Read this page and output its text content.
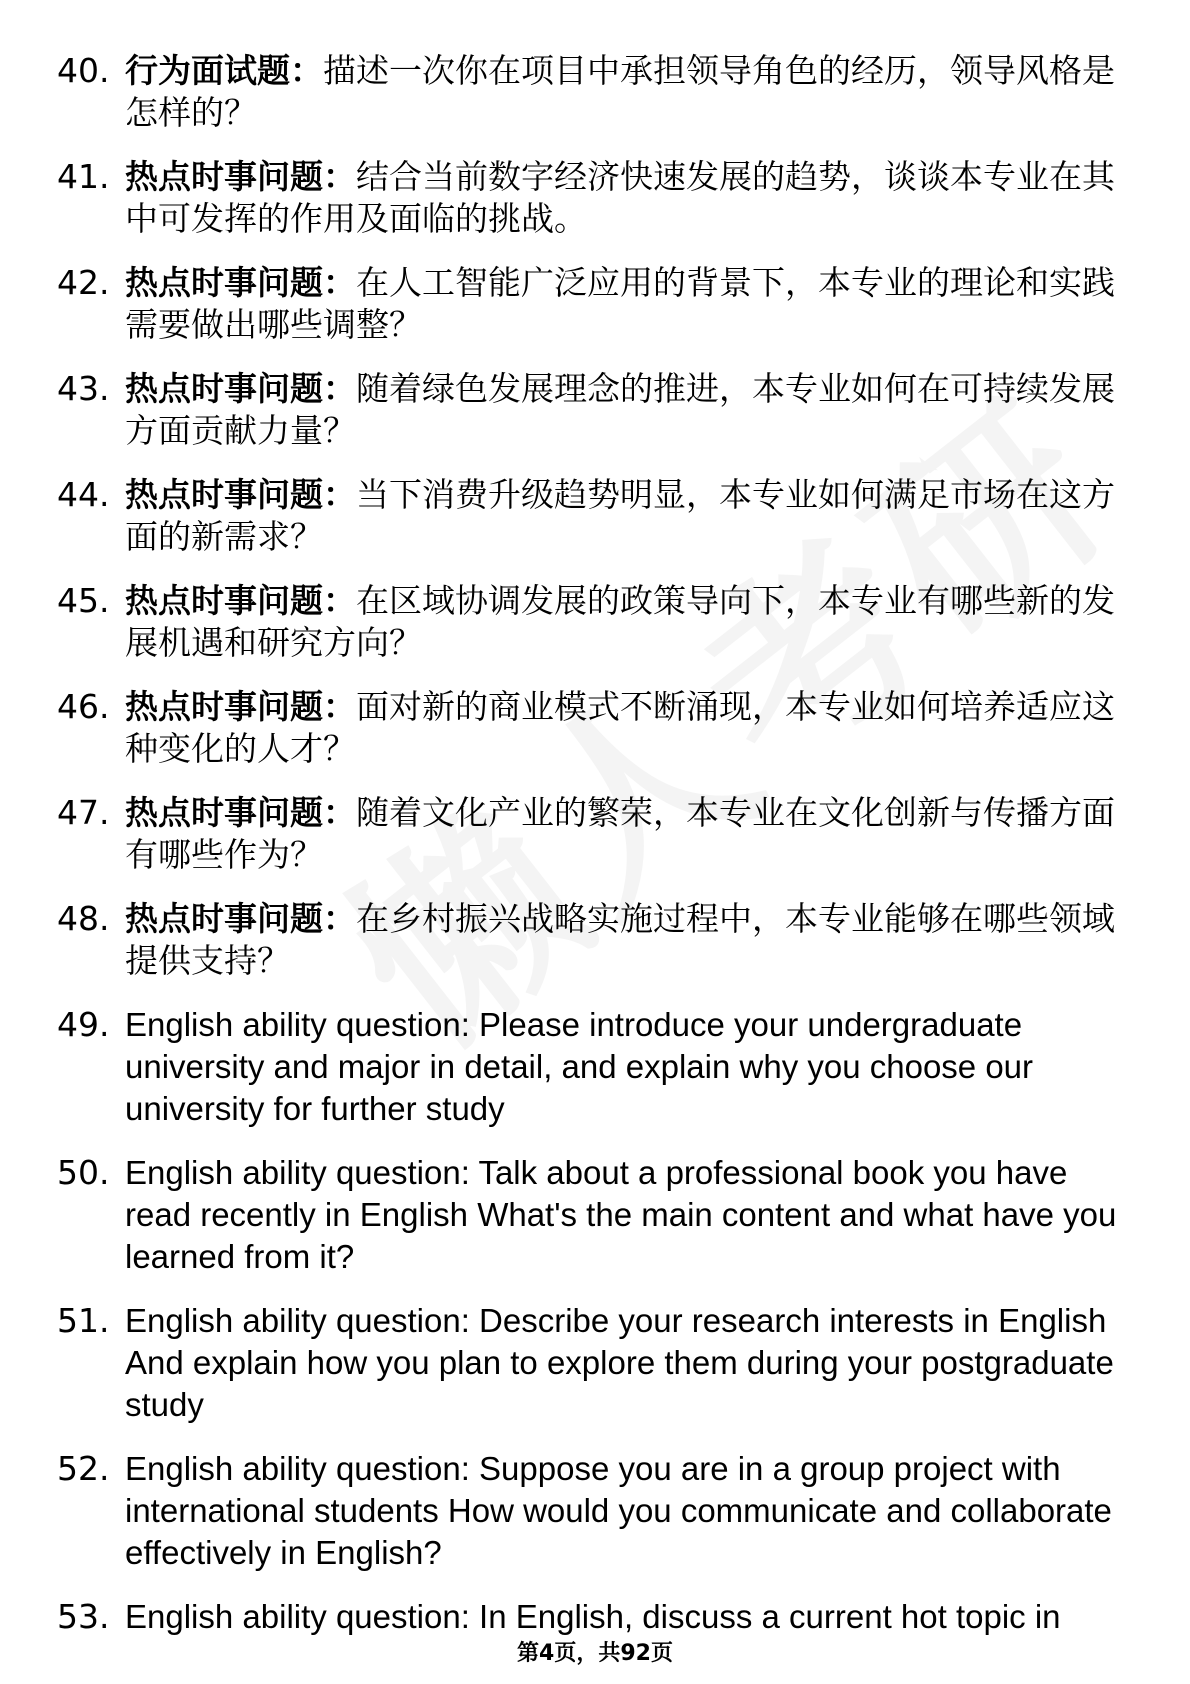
40. 行为面试题：描述一次你在项目中承担领导角色的经历，领导风格是怎样的？
41. 热点时事问题：结合当前数字经济快速发展的趋势，谈谈本专业在其中可发挥的作用及面临的挑战。
42. 热点时事问题：在人工智能广泛应用的背景下，本专业的理论和实践需要做出哪些调整？
43. 热点时事问题：随着绿色发展理念的推进，本专业如何在可持续发展方面贡献力量？
44. 热点时事问题：当下消费升级趋势明显，本专业如何满足市场在这方面的新需求？
45. 热点时事问题：在区域协调发展的政策导向下，本专业有哪些新的发展机遇和研究方向？
46. 热点时事问题：面对新的商业模式不断涌现，本专业如何培养适应这种变化的人才？
47. 热点时事问题：随着文化产业的繁荣，本专业在文化创新与传播方面有哪些作为？
48. 热点时事问题：在乡村振兴战略实施过程中，本专业能够在哪些领域提供支持？
49. English ability question: Please introduce your undergraduate university and major in detail, and explain why you choose our university for further study
50. English ability question: Talk about a professional book you have read recently in English What's the main content and what have you learned from it?
51. English ability question: Describe your research interests in English And explain how you plan to explore them during your postgraduate study
52. English ability question: Suppose you are in a group project with international students How would you communicate and collaborate effectively in English?
53. English ability question: In English, discuss a current hot topic in
第4页，共92页
